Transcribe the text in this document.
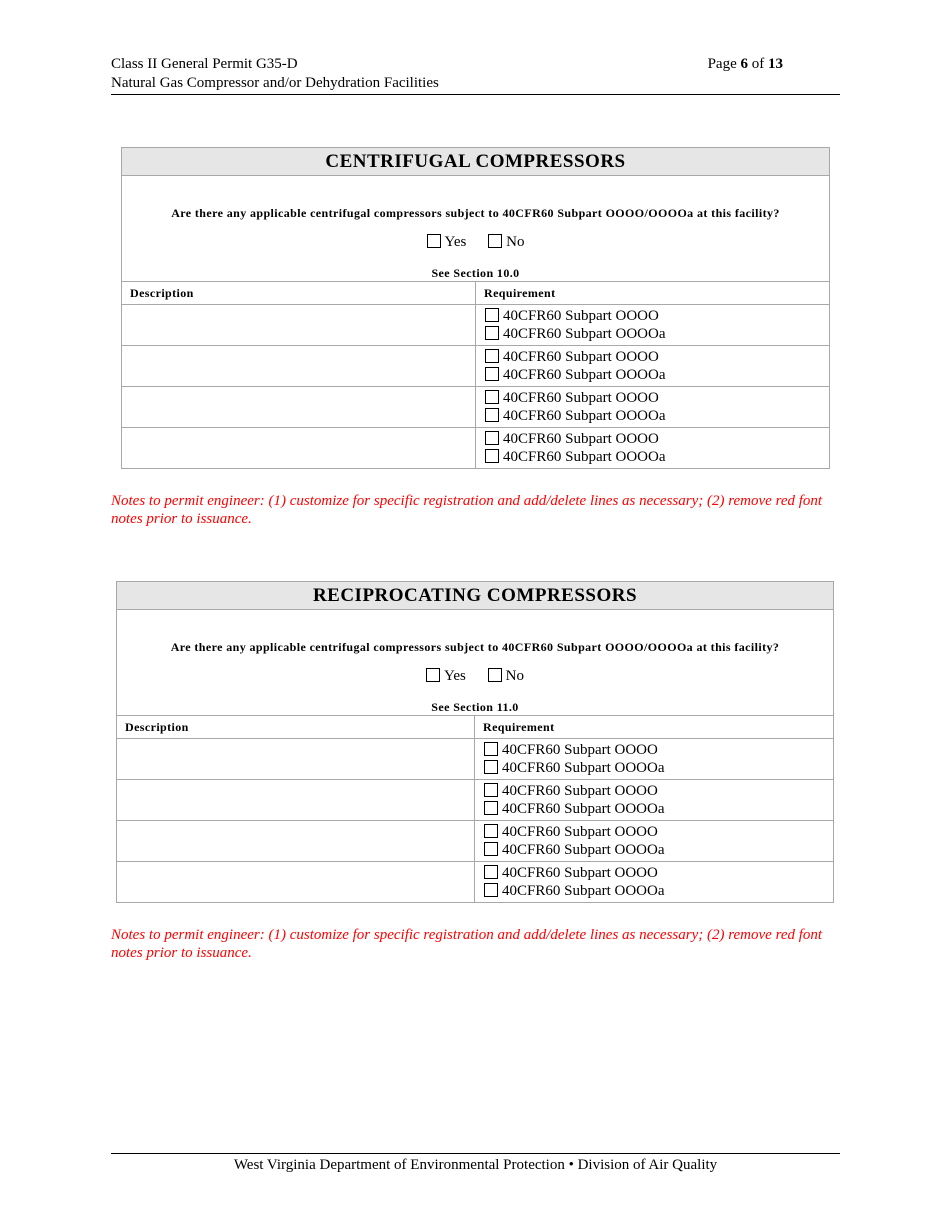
Class II General Permit G35-D
Natural Gas Compressor and/or Dehydration Facilities
Page 6 of 13
CENTRIFUGAL COMPRESSORS
Are there any applicable centrifugal compressors subject to 40CFR60 Subpart OOOO/OOOOa at this facility?
Yes	No
See Section 10.0
Description	Requirement

	40CFR60 Subpart OOOO
40CFR60 Subpart OOOOa

	40CFR60 Subpart OOOO
40CFR60 Subpart OOOOa

	40CFR60 Subpart OOOO
40CFR60 Subpart OOOOa

	40CFR60 Subpart OOOO
40CFR60 Subpart OOOOa
Notes to permit engineer: (1) customize for specific registration and add/delete lines as necessary; (2) remove red font notes prior to issuance.
RECIPROCATING COMPRESSORS
Are there any applicable centrifugal compressors subject to 40CFR60 Subpart OOOO/OOOOa at this facility?
Yes	No
See Section 11.0
Description	Requirement

	40CFR60 Subpart OOOO
40CFR60 Subpart OOOOa

	40CFR60 Subpart OOOO
40CFR60 Subpart OOOOa

	40CFR60 Subpart OOOO
40CFR60 Subpart OOOOa

	40CFR60 Subpart OOOO
40CFR60 Subpart OOOOa
Notes to permit engineer: (1) customize for specific registration and add/delete lines as necessary; (2) remove red font notes prior to issuance.
West Virginia Department of Environmental Protection • Division of Air Quality
